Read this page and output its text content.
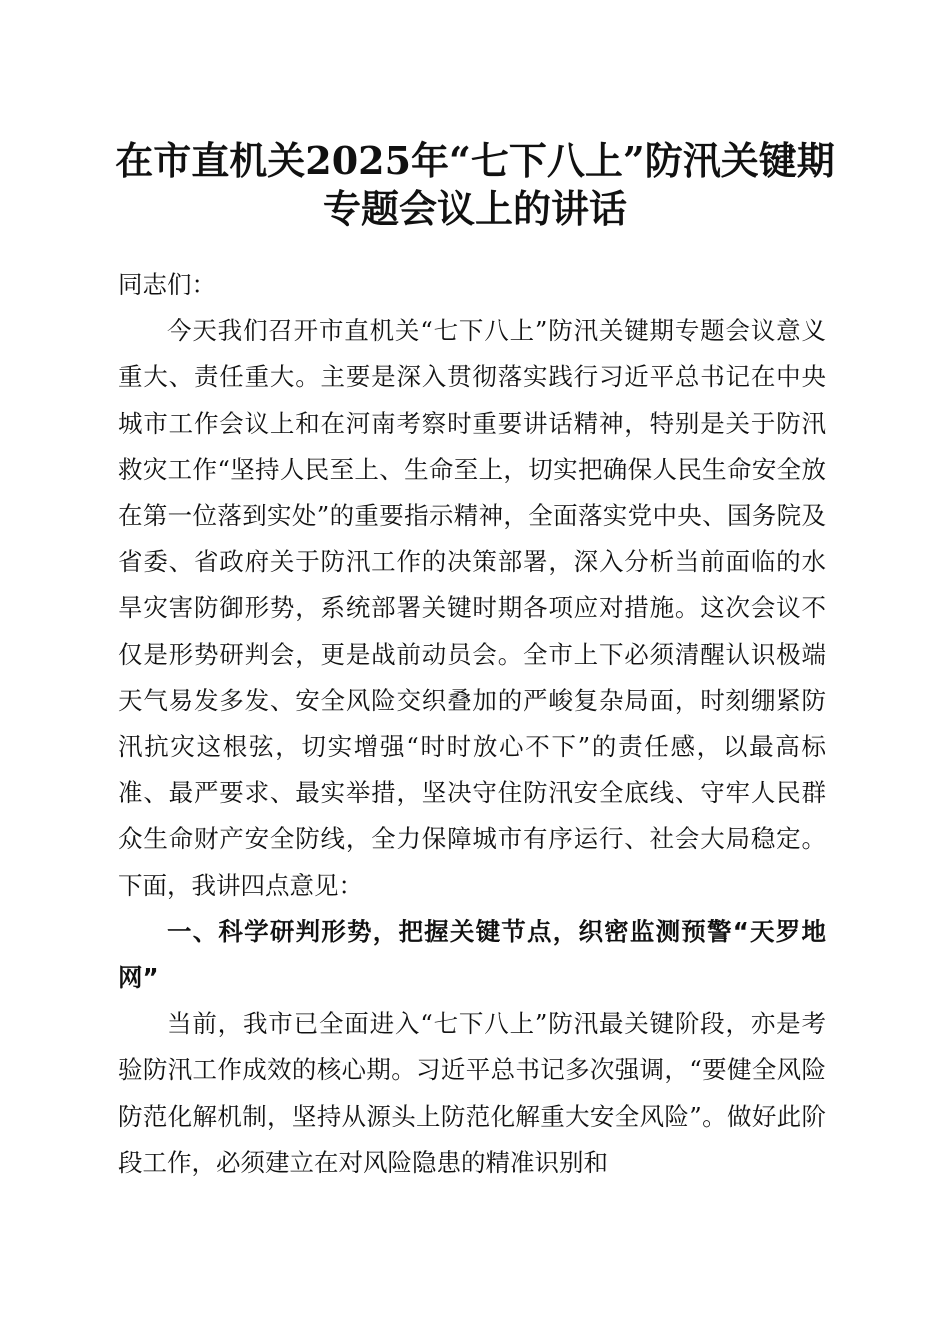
在市直机关2025年“七下八上”防汛关键期
专题会议上的讲话

同志们：

今天我们召开市直机关“七下八上”防汛关键期专题会议意义重大、责任重大。主要是深入贯彻落实践行习近平总书记在中央城市工作会议上和在河南考察时重要讲话精神，特别是关于防汛救灾工作“坚持人民至上、生命至上，切实把确保人民生命安全放在第一位落到实处”的重要指示精神，全面落实党中央、国务院及省委、省政府关于防汛工作的决策部署，深入分析当前面临的水旱灾害防御形势，系统部署关键时期各项应对措施。这次会议不仅是形势研判会，更是战前动员会。全市上下必须清醒认识极端天气易发多发、安全风险交织叠加的严峻复杂局面，时刻绷紧防汛抗灾这根弦，切实增强“时时放心不下”的责任感，以最高标准、最严要求、最实举措，坚决守住防汛安全底线、守牢人民群众生命财产安全防线，全力保障城市有序运行、社会大局稳定。下面，我讲四点意见：

一、科学研判形势，把握关键节点，织密监测预警“天罗地网”

当前，我市已全面进入“七下八上”防汛最关键阶段，亦是考验防汛工作成效的核心期。习近平总书记多次强调，“要健全风险防范化解机制，坚持从源头上防范化解重大安全风险”。做好此阶段工作，必须建立在对风险隐患的精准识别和
